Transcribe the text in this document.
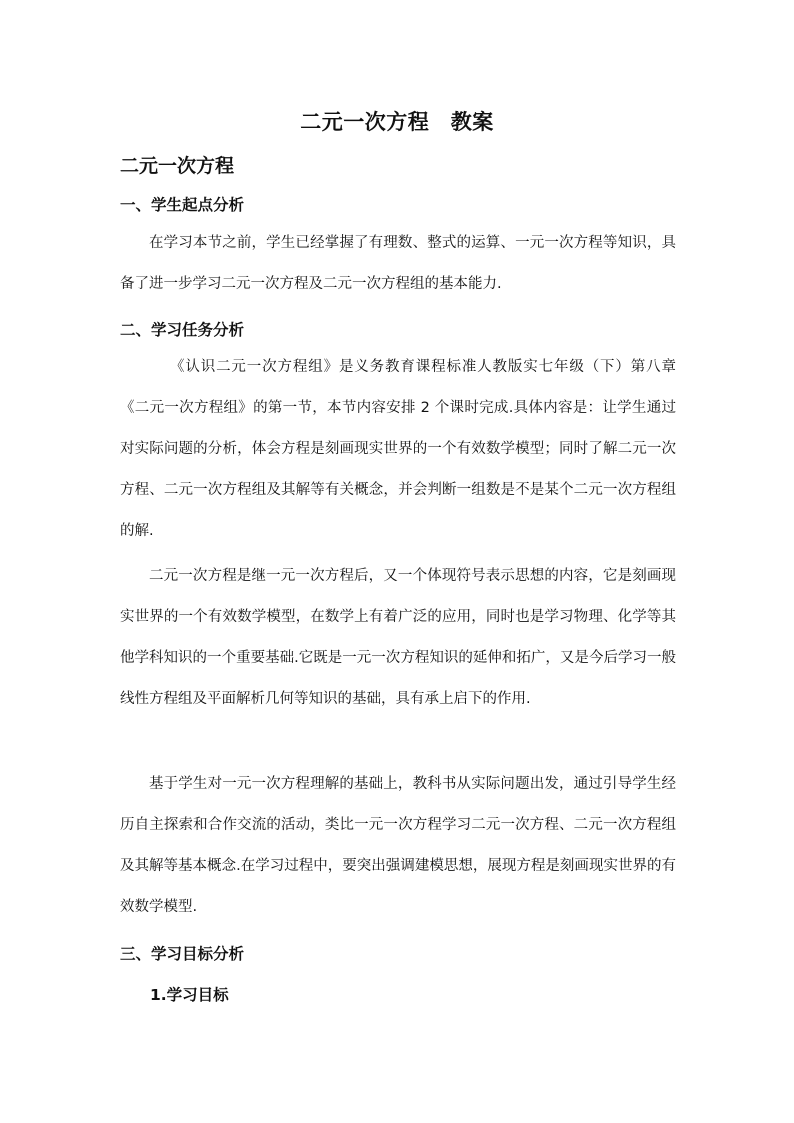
二元一次方程　教案
二元一次方程
一、学生起点分析
在学习本节之前，学生已经掌握了有理数、整式的运算、一元一次方程等知识，具备了进一步学习二元一次方程及二元一次方程组的基本能力.
二、学习任务分析
《认识二元一次方程组》是义务教育课程标准人教版实七年级（下）第八章《二元一次方程组》的第一节，本节内容安排 2 个课时完成.具体内容是：让学生通过对实际问题的分析，体会方程是刻画现实世界的一个有效数学模型；同时了解二元一次方程、二元一次方程组及其解等有关概念，并会判断一组数是不是某个二元一次方程组的解.
二元一次方程是继一元一次方程后，又一个体现符号表示思想的内容，它是刻画现实世界的一个有效数学模型，在数学上有着广泛的应用，同时也是学习物理、化学等其他学科知识的一个重要基础.它既是一元一次方程知识的延伸和拓广，又是今后学习一般线性方程组及平面解析几何等知识的基础，具有承上启下的作用.
基于学生对一元一次方程理解的基础上，教科书从实际问题出发，通过引导学生经历自主探索和合作交流的活动，类比一元一次方程学习二元一次方程、二元一次方程组及其解等基本概念.在学习过程中，要突出强调建模思想，展现方程是刻画现实世界的有效数学模型.
三、学习目标分析
1.学习目标
